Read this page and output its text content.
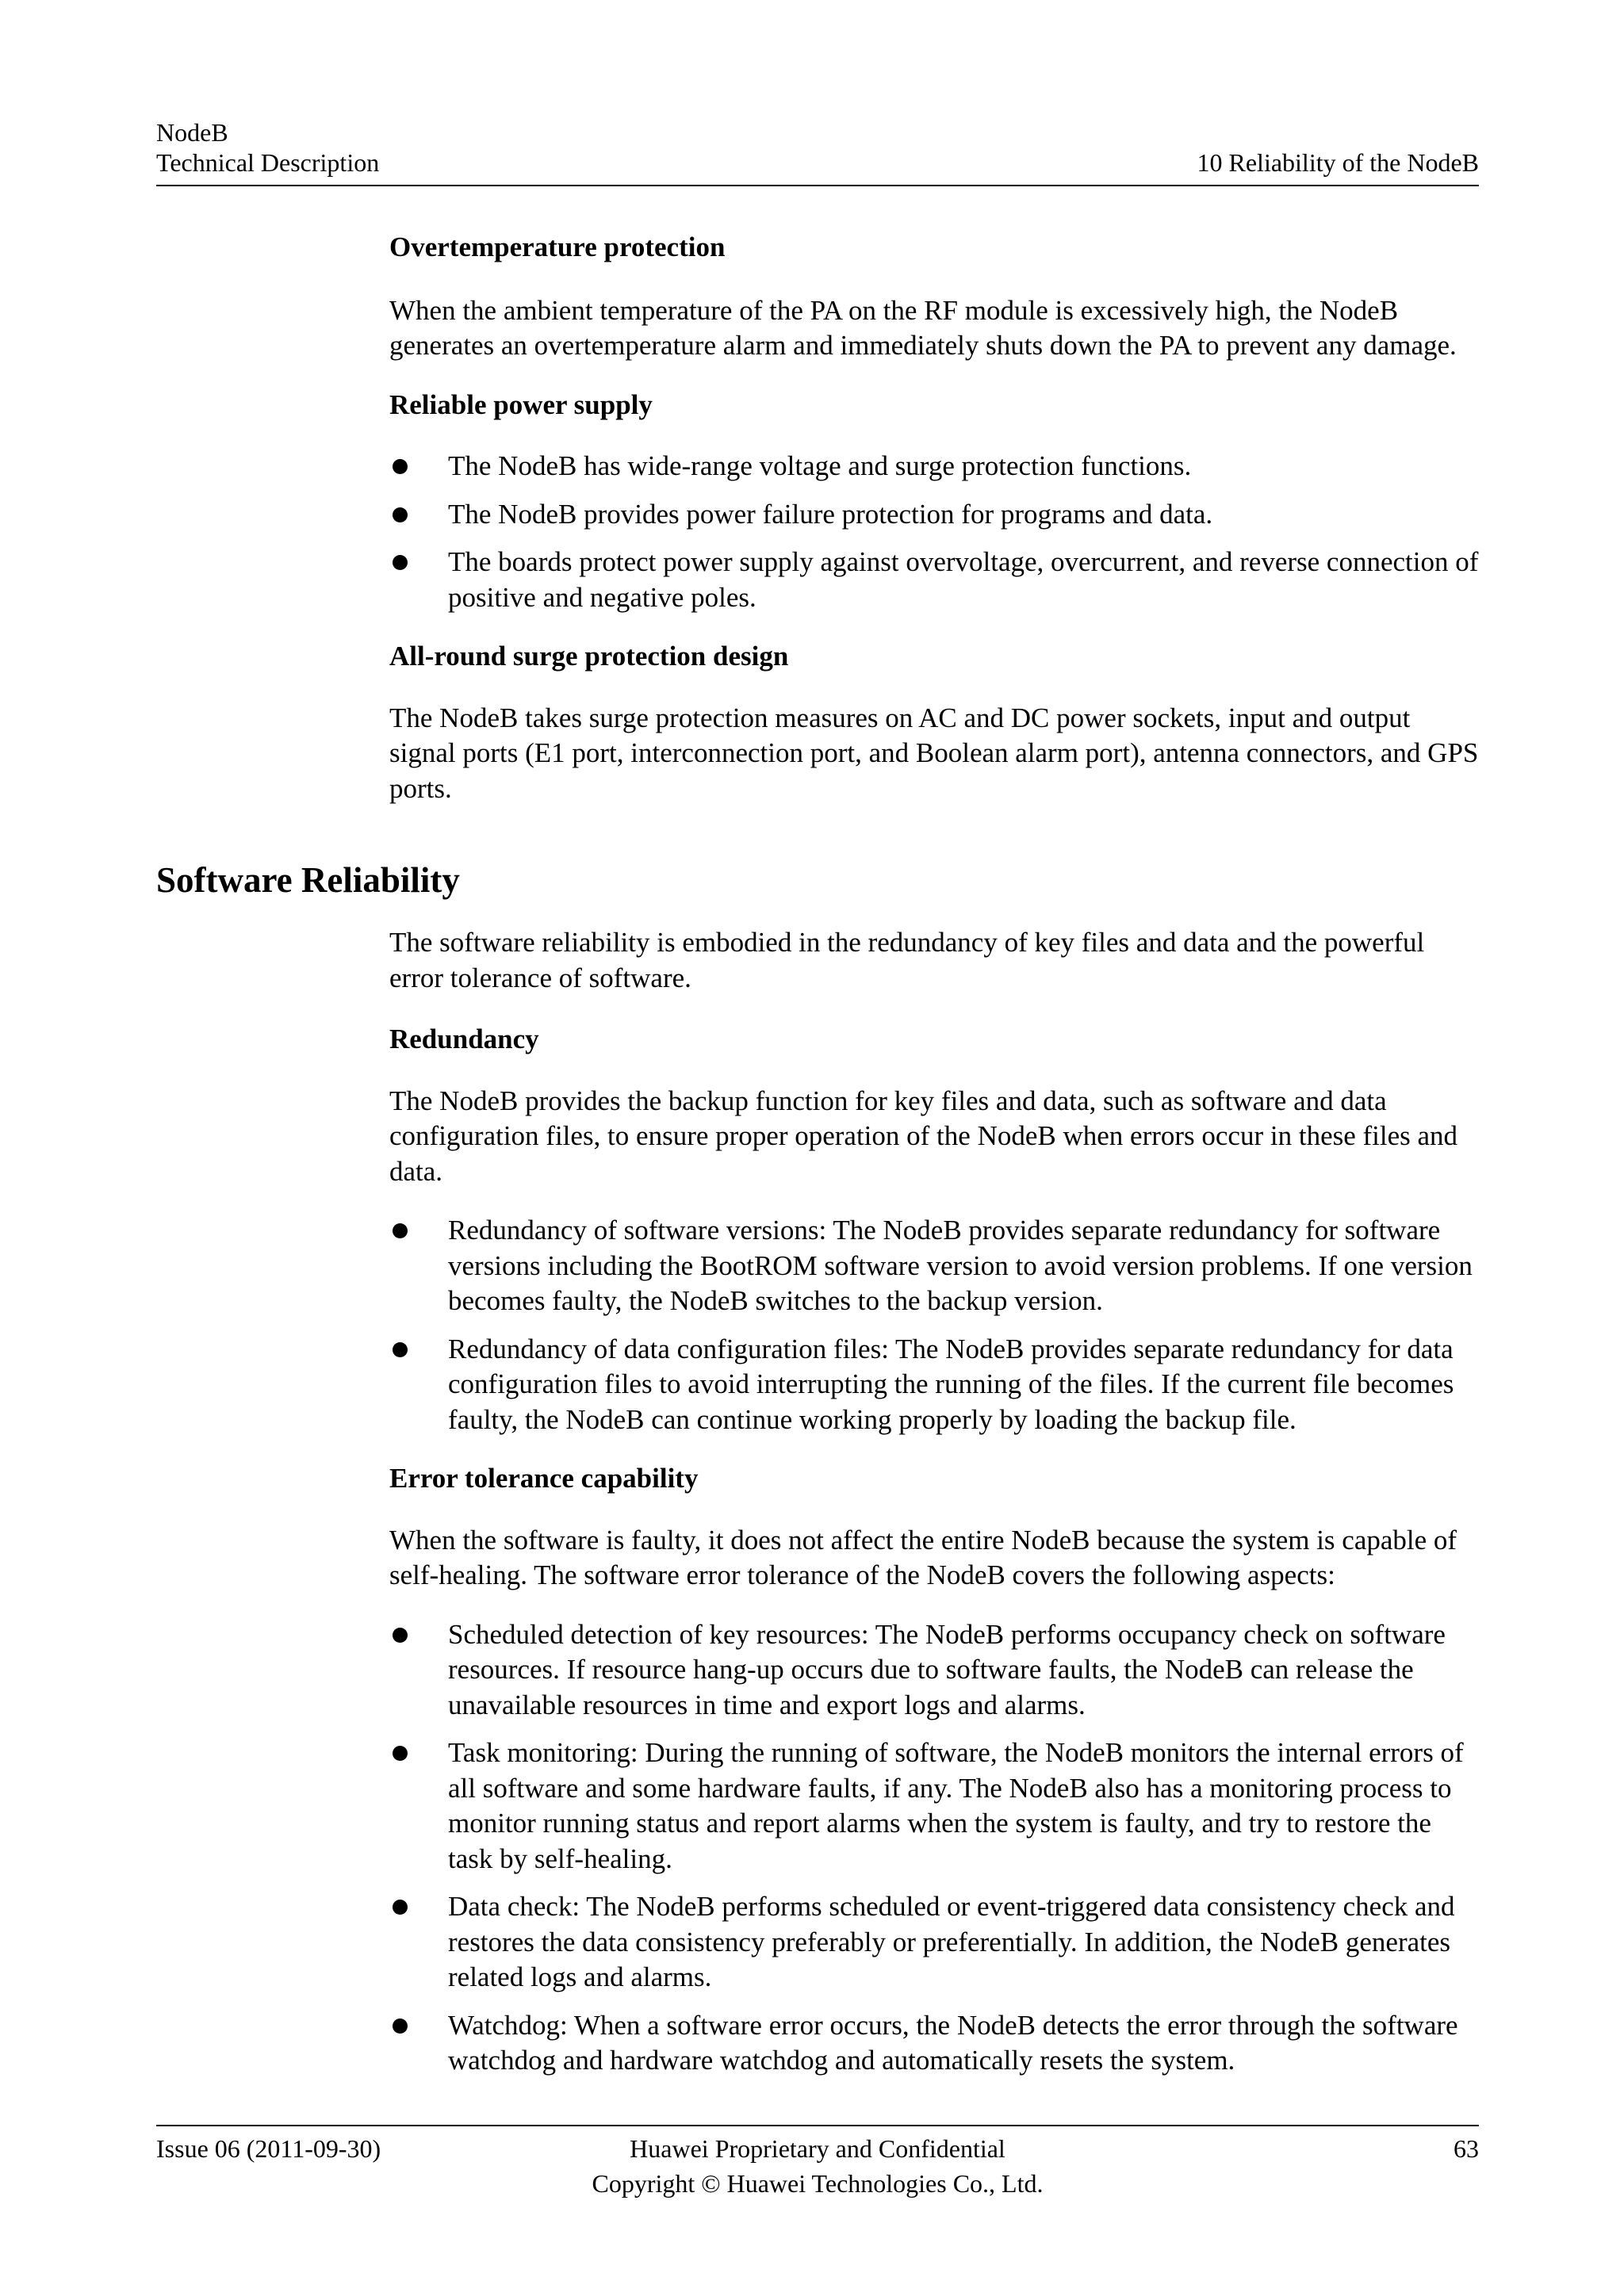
NodeB
Technical Description	10 Reliability of the NodeB

Overtemperature protection

When the ambient temperature of the PA on the RF module is excessively high, the NodeB generates an overtemperature alarm and immediately shuts down the PA to prevent any damage.

Reliable power supply

The NodeB has wide-range voltage and surge protection functions.
The NodeB provides power failure protection for programs and data.
The boards protect power supply against overvoltage, overcurrent, and reverse connection of positive and negative poles.

All-round surge protection design

The NodeB takes surge protection measures on AC and DC power sockets, input and output signal ports (E1 port, interconnection port, and Boolean alarm port), antenna connectors, and GPS ports.

Software Reliability

The software reliability is embodied in the redundancy of key files and data and the powerful error tolerance of software.

Redundancy

The NodeB provides the backup function for key files and data, such as software and data configuration files, to ensure proper operation of the NodeB when errors occur in these files and data.

Redundancy of software versions: The NodeB provides separate redundancy for software versions including the BootROM software version to avoid version problems. If one version becomes faulty, the NodeB switches to the backup version.
Redundancy of data configuration files: The NodeB provides separate redundancy for data configuration files to avoid interrupting the running of the files. If the current file becomes faulty, the NodeB can continue working properly by loading the backup file.

Error tolerance capability

When the software is faulty, it does not affect the entire NodeB because the system is capable of self-healing. The software error tolerance of the NodeB covers the following aspects:

Scheduled detection of key resources: The NodeB performs occupancy check on software resources. If resource hang-up occurs due to software faults, the NodeB can release the unavailable resources in time and export logs and alarms.
Task monitoring: During the running of software, the NodeB monitors the internal errors of all software and some hardware faults, if any. The NodeB also has a monitoring process to monitor running status and report alarms when the system is faulty, and try to restore the task by self-healing.
Data check: The NodeB performs scheduled or event-triggered data consistency check and restores the data consistency preferably or preferentially. In addition, the NodeB generates related logs and alarms.
Watchdog: When a software error occurs, the NodeB detects the error through the software watchdog and hardware watchdog and automatically resets the system.
Issue 06 (2011-09-30)	Huawei Proprietary and Confidential
Copyright © Huawei Technologies Co., Ltd.
63
